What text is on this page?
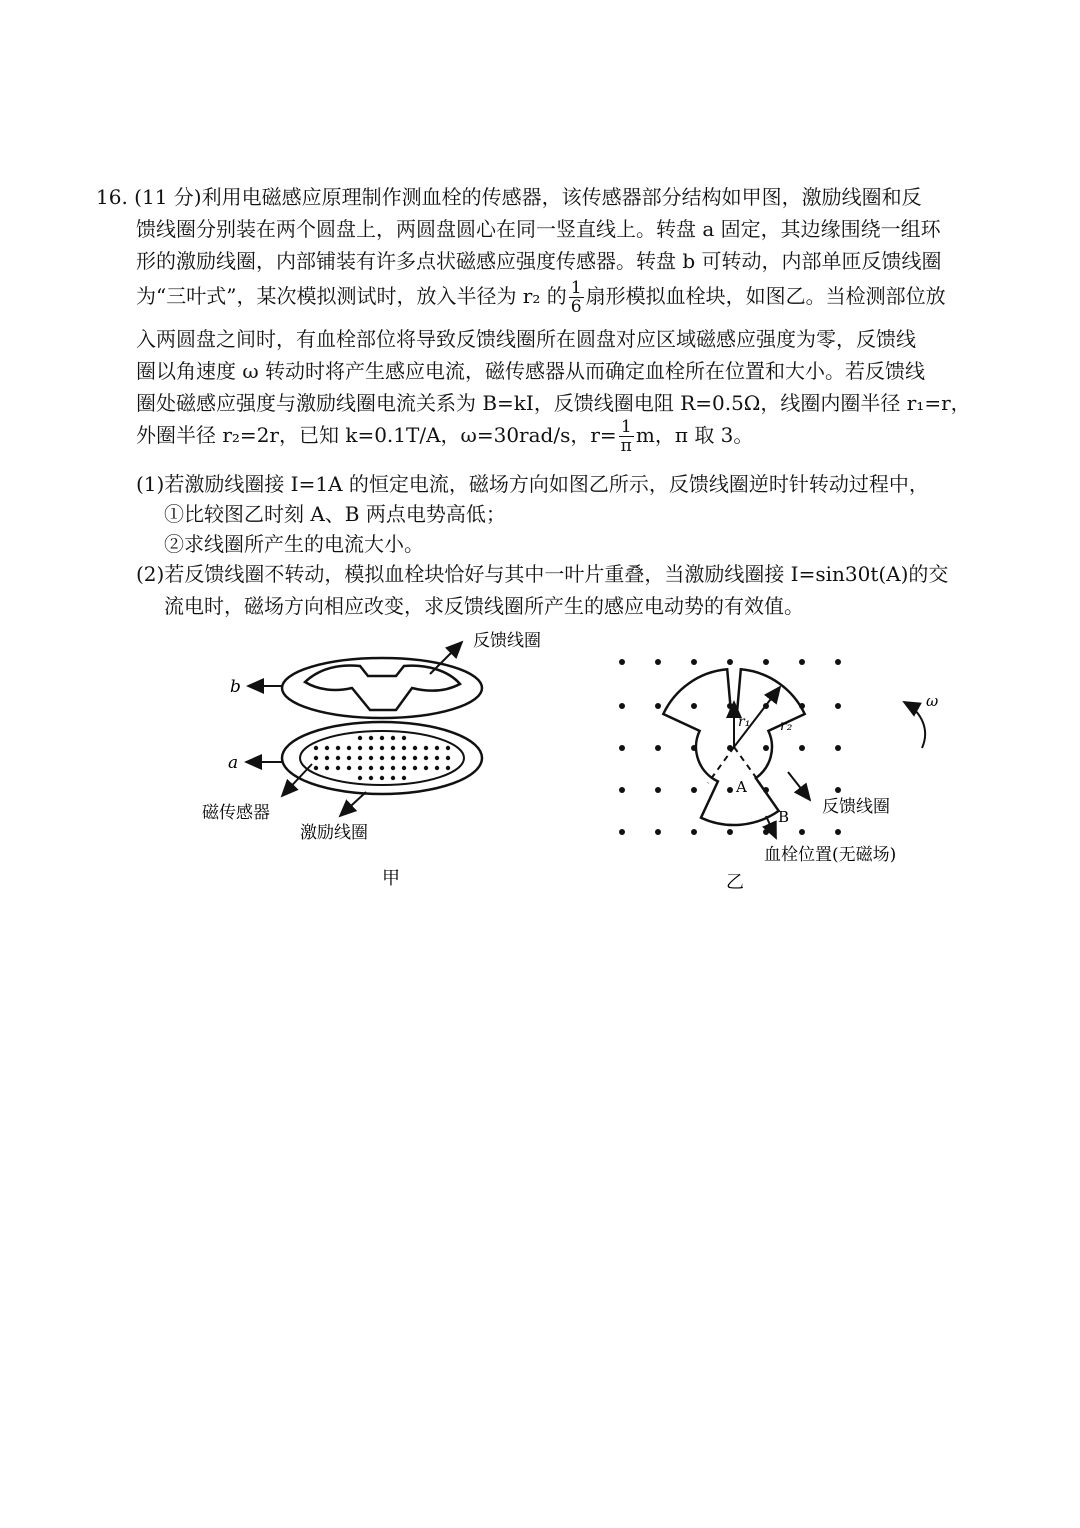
16. (11 分)利用电磁感应原理制作测血栓的传感器，该传感器部分结构如甲图，激励线圈和反
馈线圈分别装在两个圆盘上，两圆盘圆心在同一竖直线上。转盘 a 固定，其边缘围绕一组环
形的激励线圈，内部铺装有许多点状磁感应强度传感器。转盘 b 可转动，内部单匝反馈线圈
为“三叶式”，某次模拟测试时，放入半径为 r₂ 的 $\frac{1}{6}$ 扇形模拟血栓块，如图乙。当检测部位放
入两圆盘之间时，有血栓部位将导致反馈线圈所在圆盘对应区域磁感应强度为零，反馈线
圈以角速度 ω 转动时将产生感应电流，磁传感器从而确定血栓所在位置和大小。若反馈线
圈处磁感应强度与激励线圈电流关系为 B=kI，反馈线圈电阻 R=0.5Ω，线圈内圈半径 r₁=r，
外圈半径 r₂=2r，已知 k=0.1T/A，ω=30rad/s，$r= \frac{1}{\pi}$ m，π 取 3。
(1)若激励线圈接 I=1A 的恒定电流，磁场方向如图乙所示，反馈线圈逆时针转动过程中，
①比较图乙时刻 A、B 两点电势高低；
②求线圈所产生的电流大小。
(2)若反馈线圈不转动，模拟血栓块恰好与其中一叶片重叠，当激励线圈接 I=sin30t(A)的交
流电时，磁场方向相应改变，求反馈线圈所产生的感应电动势的有效值。
b
反馈线圈
a
磁传感器
激励线圈
甲
r₁ r₂
A
B
ω
反馈线圈
血栓位置(无磁场)
乙
